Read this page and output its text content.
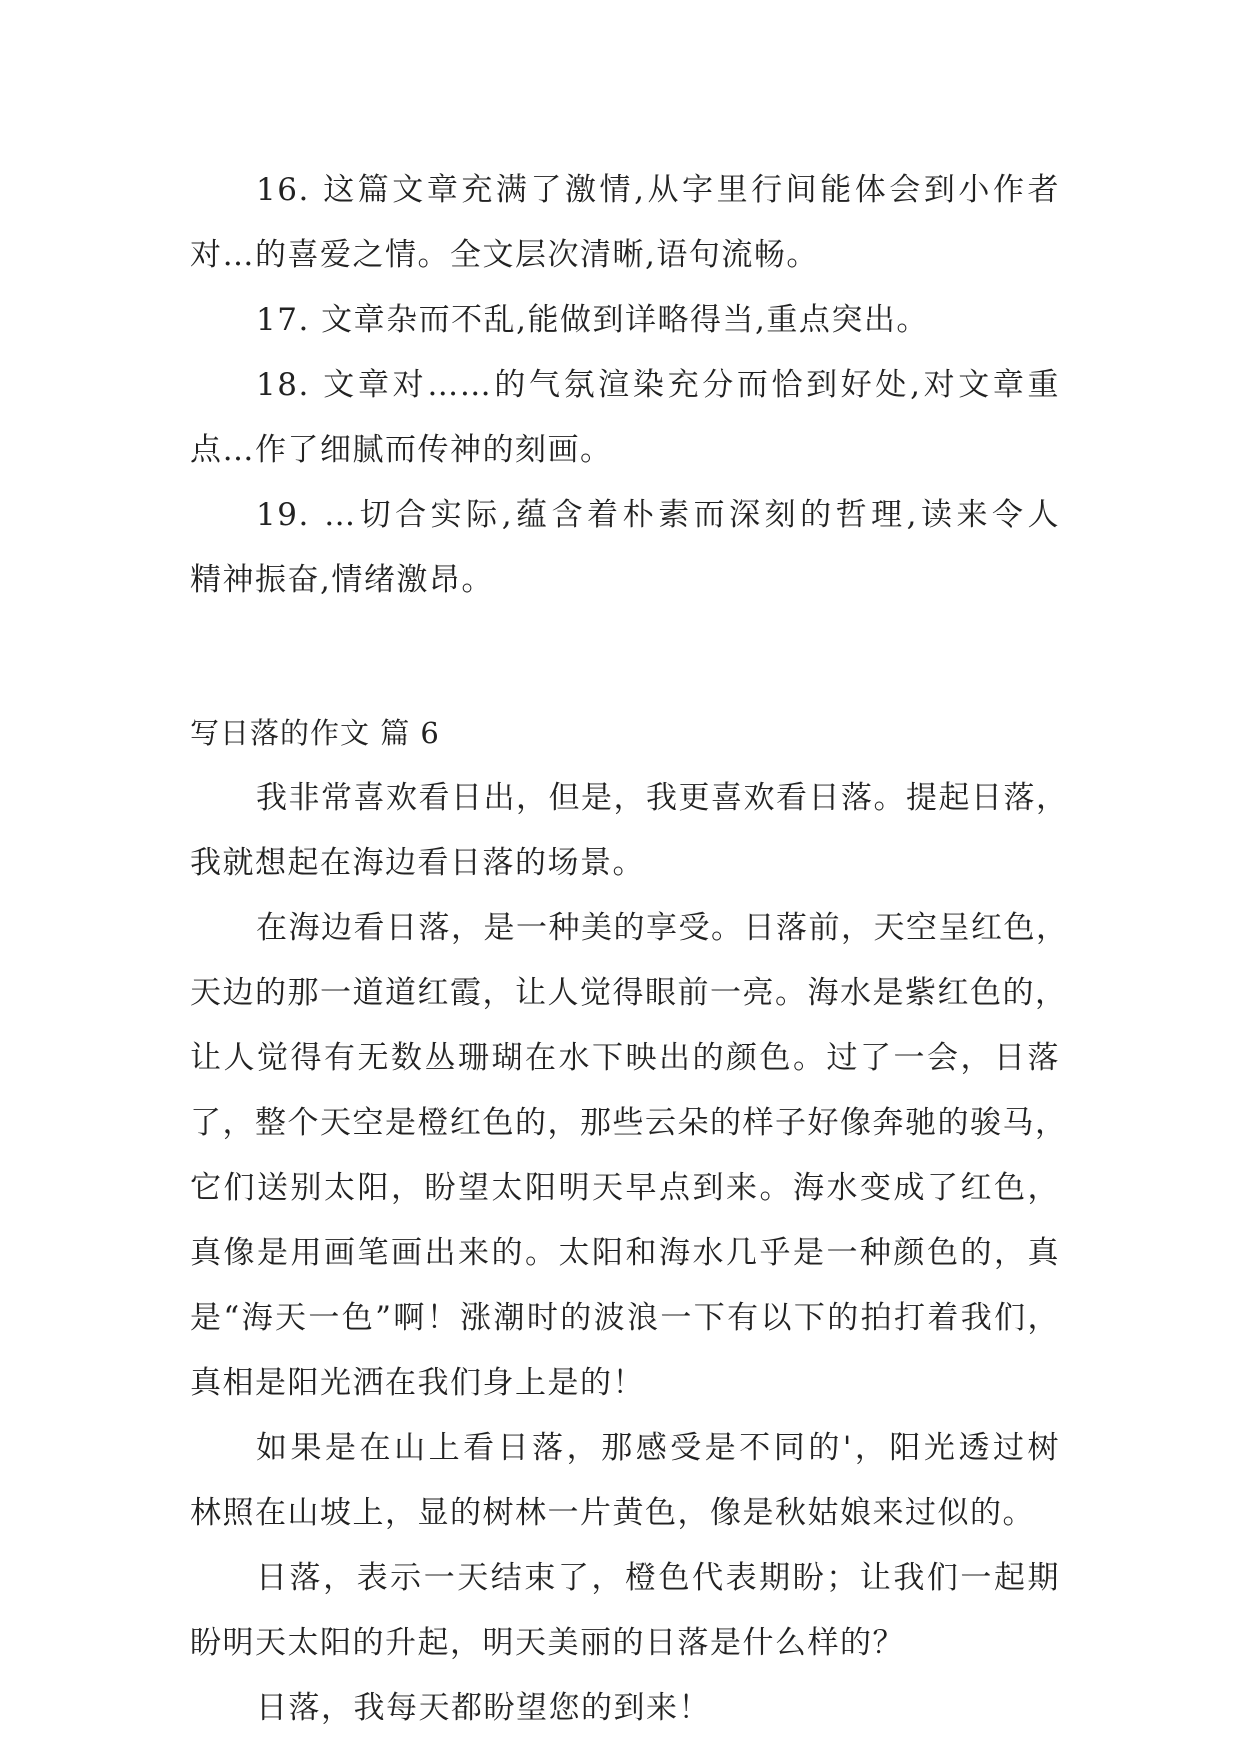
16. 这篇文章充满了激情,从字里行间能体会到小作者
对…的喜爱之情。全文层次清晰,语句流畅。
17. 文章杂而不乱,能做到详略得当,重点突出。
18. 文章对……的气氛渲染充分而恰到好处,对文章重
点…作了细腻而传神的刻画。
19. …切合实际,蕴含着朴素而深刻的哲理,读来令人
精神振奋,情绪激昂。
写日落的作文 篇 6
我非常喜欢看日出，但是，我更喜欢看日落。提起日落，
我就想起在海边看日落的场景。
在海边看日落，是一种美的享受。日落前，天空呈红色，
天边的那一道道红霞，让人觉得眼前一亮。海水是紫红色的，
让人觉得有无数丛珊瑚在水下映出的颜色。过了一会，日落
了，整个天空是橙红色的，那些云朵的样子好像奔驰的骏马，
它们送别太阳，盼望太阳明天早点到来。海水变成了红色，
真像是用画笔画出来的。太阳和海水几乎是一种颜色的，真
是“海天一色”啊！涨潮时的波浪一下有以下的拍打着我们，
真相是阳光洒在我们身上是的！
如果是在山上看日落，那感受是不同的'，阳光透过树
林照在山坡上，显的树林一片黄色，像是秋姑娘来过似的。
日落，表示一天结束了，橙色代表期盼；让我们一起期
盼明天太阳的升起，明天美丽的日落是什么样的？
日落，我每天都盼望您的到来！
